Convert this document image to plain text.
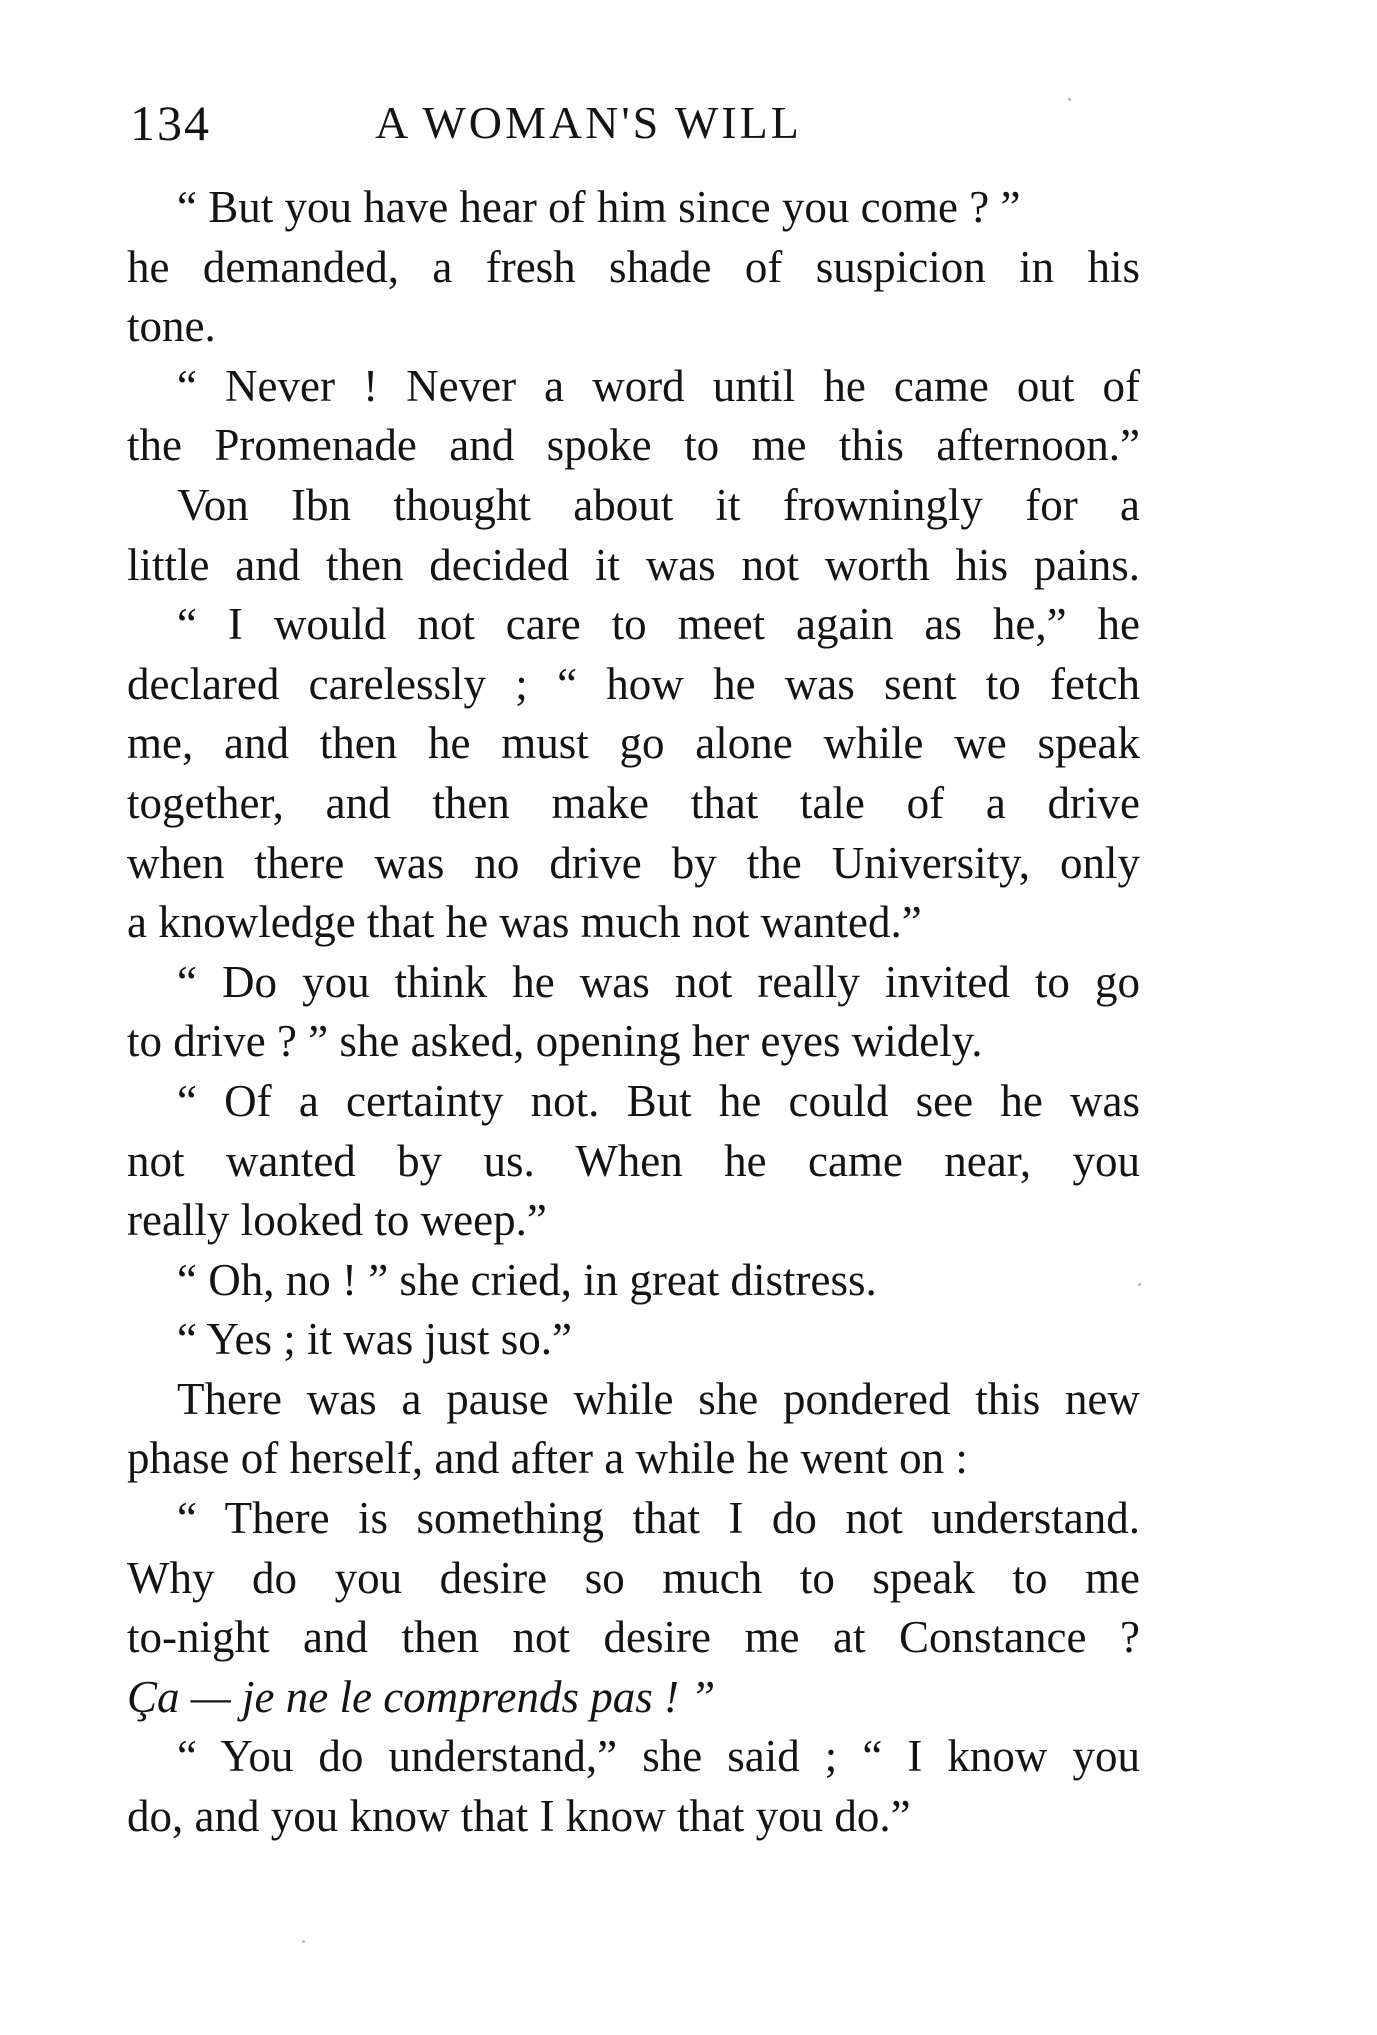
134	A WOMAN'S WILL
“ But you have hear of him since you come ? ”
he demanded, a fresh shade of suspicion in his
tone.
“ Never ! Never a word until he came out of
the Promenade and spoke to me this afternoon.”
Von Ibn thought about it frowningly for a
little and then decided it was not worth his pains.
“ I would not care to meet again as he,” he
declared carelessly ; “ how he was sent to fetch
me, and then he must go alone while we speak
together, and then make that tale of a drive
when there was no drive by the University, only
a knowledge that he was much not wanted.”
“ Do you think he was not really invited to go
to drive ? ” she asked, opening her eyes widely.
“ Of a certainty not. But he could see he was
not wanted by us. When he came near, you
really looked to weep.”
“ Oh, no ! ” she cried, in great distress.
“ Yes ; it was just so.”
There was a pause while she pondered this new
phase of herself, and after a while he went on :
“ There is something that I do not understand.
Why do you desire so much to speak to me
to-night and then not desire me at Constance ?
Ça — je ne le comprends pas ! ”
“ You do understand,” she said ; “ I know you
do, and you know that I know that you do.”
